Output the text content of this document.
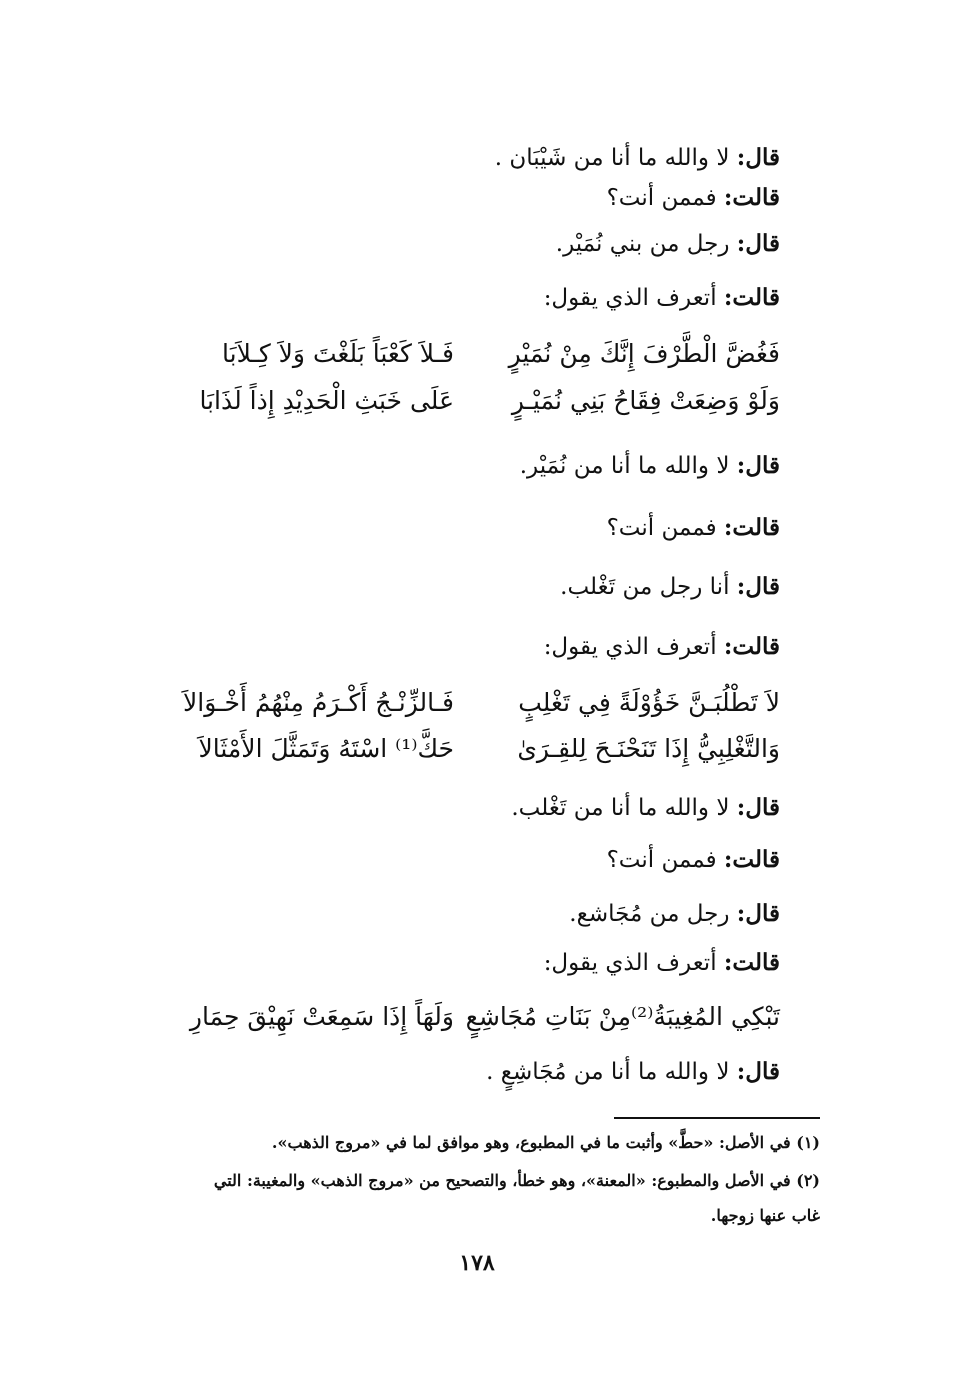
قال: لا والله ما أنا من شَيْبَان .
قالت: فممن أنت؟
قال: رجل من بني نُمَيْر.
قالت: أتعرف الذي يقول:
فَغُضَّ الْطَّرْفَ إِنَّكَ مِنْ نُمَيْرٍ
فَـلاَ كَعْبَاً بَلَغْتَ وَلاَ كِـلاَبَا
وَلَوْ وَضِعَتْ فِقَاحُ بَنِي نُمَيْـرٍ
عَلَى خَبَثِ الْحَدِيْدِ إِذاً لَذَابَا
قال: لا والله ما أنا من نُمَيْر.
قالت: فممن أنت؟
قال: أنا رجل من تَغْلب.
قالت: أتعرف الذي يقول:
لاَ تَطْلُبَـنَّ خَؤُوْلَةً فِي تَغْلِبٍ
فَـالزِّنْـجُ أَكْـرَمُ مِنْهُمُ أَخْـوَالاَ
وَالتَّغْلِبِيُّ إِذَا تَنَحْنَـحَ لِلقِـرَىٰ
حَكَّ⁽¹⁾ اسْتَهُ وَتَمَثَّلَ الأَمْثَالاَ
قال: لا والله ما أنا من تَغْلب.
قالت: فممن أنت؟
قال: رجل من مُجَاشع.
قالت: أتعرف الذي يقول:
تَبْكِي المُغِيبَةُ⁽²⁾مِنْ بَنَاتِ مُجَاشِعٍ
وَلَهَاً إِذَا سَمِعَتْ نَهِيْقَ حِمَارِ
قال: لا والله ما أنا من مُجَاشِعٍ .
(١) في الأصل: «حطَّ» وأثبت ما في المطبوع، وهو موافق لما في «مروج الذهب».
(٢) في الأصل والمطبوع: «المعنة»، وهو خطأ، والتصحيح من «مروج الذهب» والمغيبة: التي
غاب عنها زوجها.
١٧٨
